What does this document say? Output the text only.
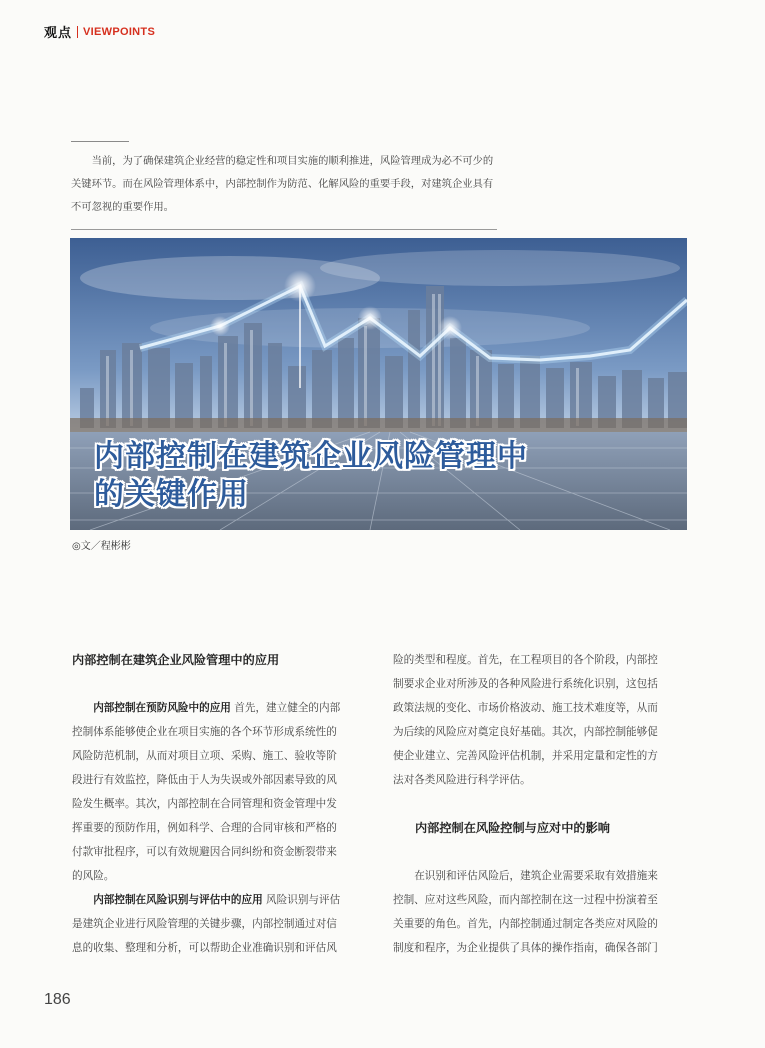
观点 VIEWPOINTS

当前，为了确保建筑企业经营的稳定性和项目实施的顺利推进，风险管理成为必不可少的关键环节。而在风险管理体系中，内部控制作为防范、化解风险的重要手段，对建筑企业具有不可忽视的重要作用。

内部控制在建筑企业风险管理中
的关键作用
◎文／程彬彬
内部控制在建筑企业风险管理中的应用

内部控制在预防风险中的应用 首先，建立健全的内部

控制体系能够使企业在项目实施的各个环节形成系统性的
风险防范机制，从而对项目立项、采购、施工、验收等阶
段进行有效监控，降低由于人为失误或外部因素导致的风
险发生概率。其次，内部控制在合同管理和资金管理中发
挥重要的预防作用，例如科学、合理的合同审核和严格的
付款审批程序，可以有效规避因合同纠纷和资金断裂带来
的风险。

内部控制在风险识别与评估中的应用 风险识别与评估

是建筑企业进行风险管理的关键步骤，内部控制通过对信
息的收集、整理和分析，可以帮助企业准确识别和评估风
险的类型和程度。首先，在工程项目的各个阶段，内部控
制要求企业对所涉及的各种风险进行系统化识别，这包括
政策法规的变化、市场价格波动、施工技术难度等，从而
为后续的风险应对奠定良好基础。其次，内部控制能够促
使企业建立、完善风险评估机制，并采用定量和定性的方
法对各类风险进行科学评估。
内部控制在风险控制与应对中的影响

在识别和评估风险后，建筑企业需要采取有效措施来

控制、应对这些风险，而内部控制在这一过程中扮演着至
关重要的角色。首先，内部控制通过制定各类应对风险的
制度和程序，为企业提供了具体的操作指南，确保各部门
186
